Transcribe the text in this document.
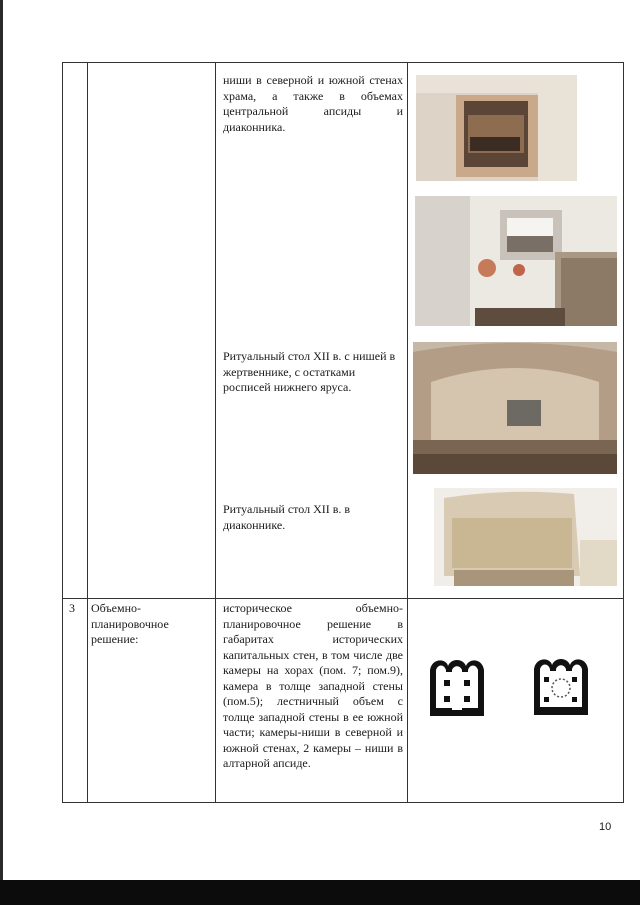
ниши в северной и южной стенах храма, а также в объемах центральной апсиды и диаконника.
Ритуальный стол XII в. с нишей в жертвеннике, с остатками росписей нижнего яруса.
Ритуальный стол XII в. в диаконнике.
3 Объемно-планировочное решение:
историческое объемно-планировочное решение в габаритах исторических капитальных стен, в том числе две камеры на хорах (пом. 7; пом.9), камера в толще западной стены (пом.5); лестничный объем с толще западной стены в ее южной части; камеры-ниши в северной и южной стенах, 2 камеры – ниши в алтарной апсиде.
10
